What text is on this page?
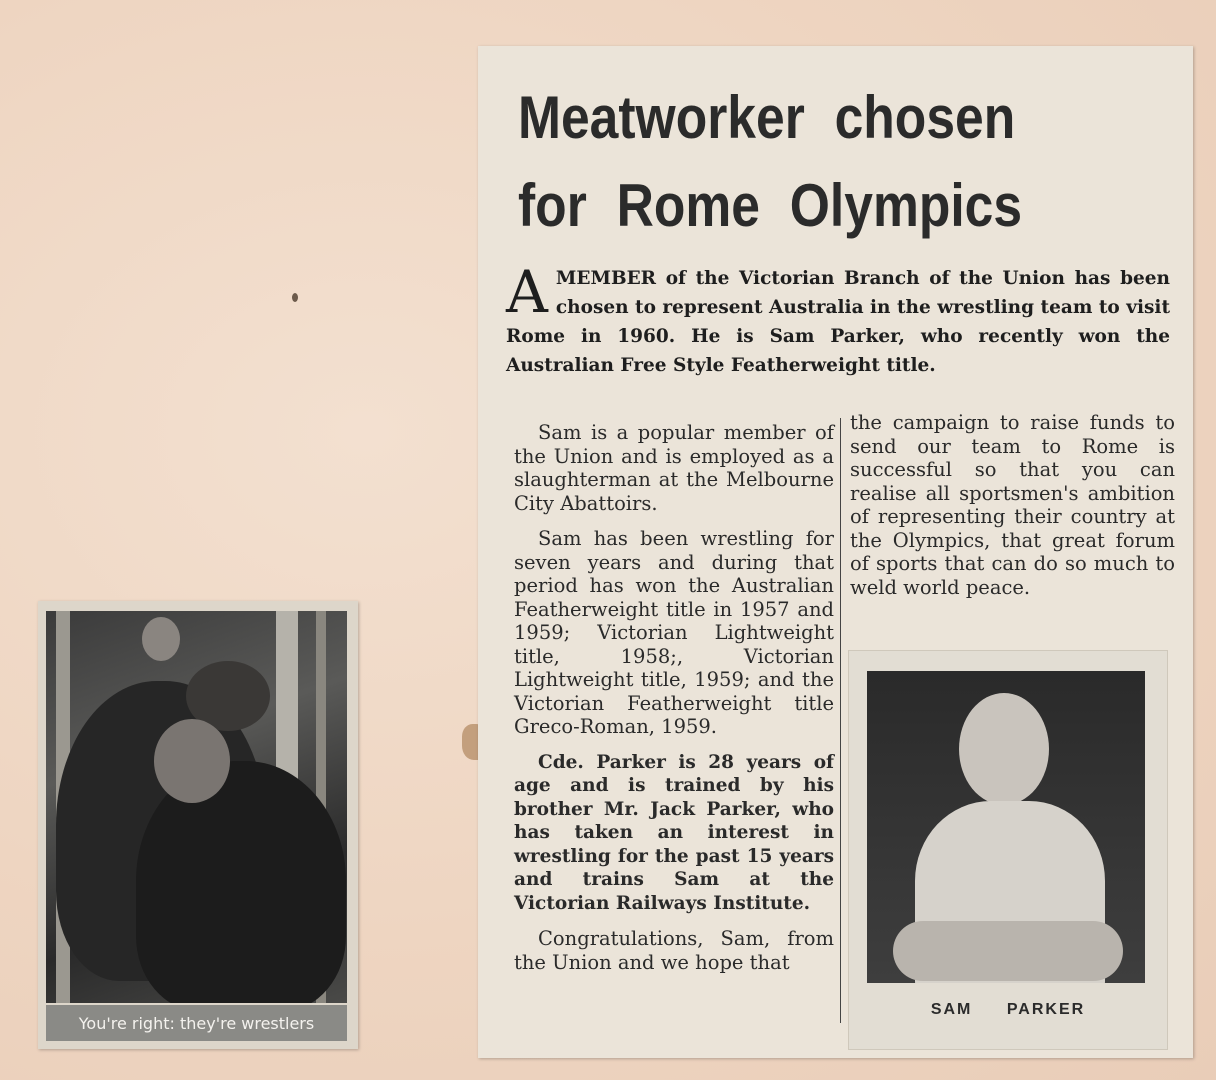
You're right: they're wrestlers
Meatworker chosen
for Rome Olympics

AMEMBER of the Victorian Branch of the Union has been chosen to represent Australia in the wrestling team to visit Rome in 1960. He is Sam Parker, who recently won the Australian Free Style Featherweight title.

Sam is a popular member of the Union and is employed as a slaughterman at the Melbourne City Abattoirs.

Sam has been wrestling for seven years and during that period has won the Australian Featherweight title in 1957 and 1959; Victorian Lightweight title, 1958;, Victorian Lightweight title, 1959; and the Victorian Featherweight title Greco-Roman, 1959.

Cde. Parker is 28 years of age and is trained by his brother Mr. Jack Parker, who has taken an interest in wrestling for the past 15 years and trains Sam at the Victorian Railways Institute.

Congratulations, Sam, from the Union and we hope that

the campaign to raise funds to send our team to Rome is successful so that you can realise all sportsmen's ambition of representing their country at the Olympics, that great forum of sports that can do so much to weld world peace.

SAM PARKER
